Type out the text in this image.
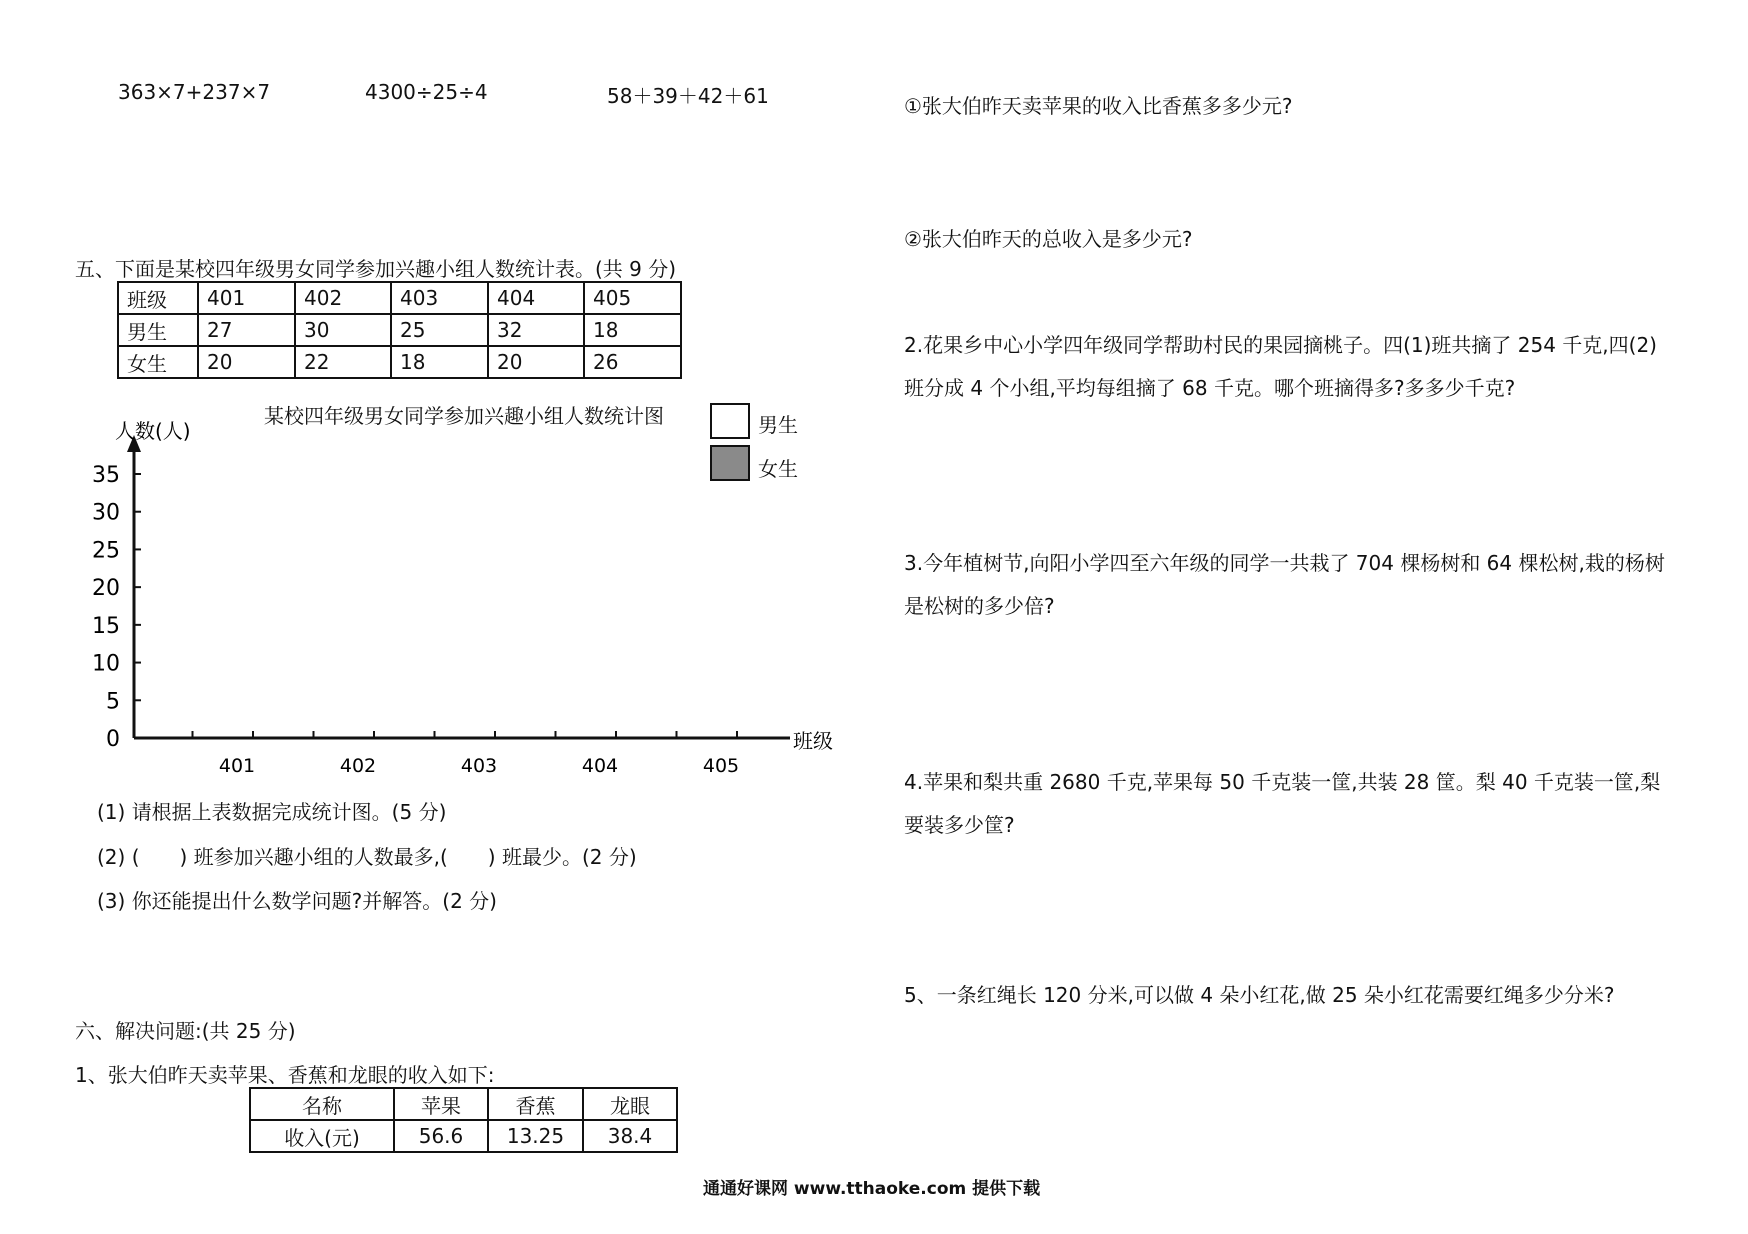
363×7+237×7	4300÷25÷4	58＋39＋42＋61
五、下面是某校四年级男女同学参加兴趣小组人数统计表。(共 9 分)
班级	401	402	403	404	405
男生	27	30	25	32	18
女生	20	22	18	20	26
某校四年级男女同学参加兴趣小组人数统计图	男生
女生
0
5
10
15
20
25
30
35
401	402	403	404	405
人数(人)
班级
(1) 请根据上表数据完成统计图。(5 分)
(2) (　　) 班参加兴趣小组的人数最多,(　　) 班最少。(2 分)
(3) 你还能提出什么数学问题?并解答。(2 分)
六、解决问题:(共 25 分)
1、张大伯昨天卖苹果、香蕉和龙眼的收入如下:
名称	苹果	香蕉	龙眼
收入(元)	56.6	13.25	38.4
①张大伯昨天卖苹果的收入比香蕉多多少元?
②张大伯昨天的总收入是多少元?
2.花果乡中心小学四年级同学帮助村民的果园摘桃子。四(1)班共摘了 254 千克,四(2)班分成 4 个小组,平均每组摘了 68 千克。哪个班摘得多?多多少千克?
3.今年植树节,向阳小学四至六年级的同学一共栽了 704 棵杨树和 64 棵松树,栽的杨树是松树的多少倍?
4.苹果和梨共重 2680 千克,苹果每 50 千克装一筐,共装 28 筐。梨 40 千克装一筐,梨要装多少筐?
5、一条红绳长 120 分米,可以做 4 朵小红花,做 25 朵小红花需要红绳多少分米?
通通好课网 www.tthaoke.com 提供下载
